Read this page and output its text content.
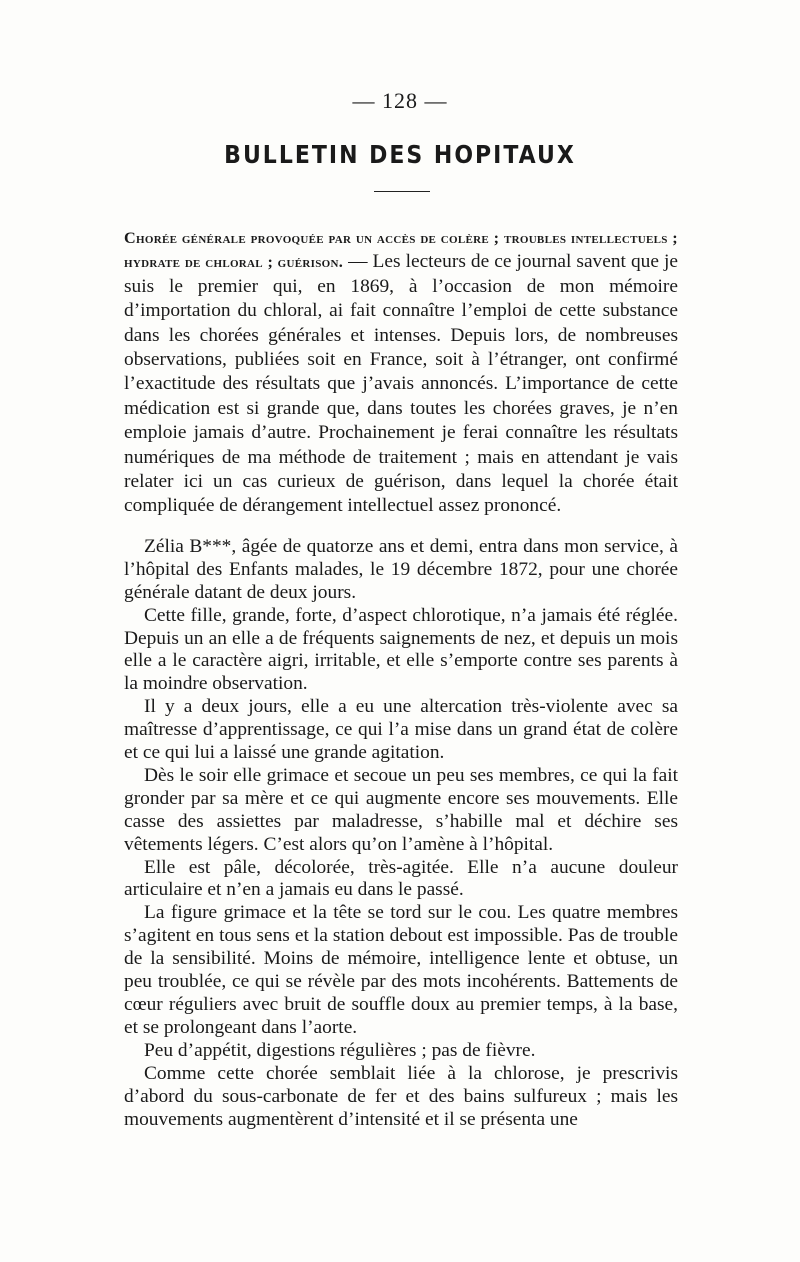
— 128 —
BULLETIN DES HOPITAUX

Chorée générale provoquée par un accès de colère ; troubles intellectuels ; hydrate de chloral ; guérison. — Les lecteurs de ce journal savent que je suis le premier qui, en 1869, à l’occasion de mon mémoire d’importation du chloral, ai fait connaître l’emploi de cette substance dans les chorées générales et intenses. Depuis lors, de nombreuses observations, publiées soit en France, soit à l’étranger, ont confirmé l’exactitude des résultats que j’avais annoncés. L’importance de cette médication est si grande que, dans toutes les chorées graves, je n’en emploie jamais d’autre. Prochainement je ferai connaître les résultats numériques de ma méthode de traitement ; mais en attendant je vais relater ici un cas curieux de guérison, dans lequel la chorée était compliquée de dérangement intellectuel assez prononcé.

Zélia B***, âgée de quatorze ans et demi, entra dans mon service, à l’hôpital des Enfants malades, le 19 décembre 1872, pour une chorée générale datant de deux jours.

Cette fille, grande, forte, d’aspect chlorotique, n’a jamais été réglée. Depuis un an elle a de fréquents saignements de nez, et depuis un mois elle a le caractère aigri, irritable, et elle s’emporte contre ses parents à la moindre observation.

Il y a deux jours, elle a eu une altercation très-violente avec sa maîtresse d’apprentissage, ce qui l’a mise dans un grand état de colère et ce qui lui a laissé une grande agitation.

Dès le soir elle grimace et secoue un peu ses membres, ce qui la fait gronder par sa mère et ce qui augmente encore ses mouvements. Elle casse des assiettes par maladresse, s’habille mal et déchire ses vêtements légers. C’est alors qu’on l’amène à l’hôpital.

Elle est pâle, décolorée, très-agitée. Elle n’a aucune douleur articulaire et n’en a jamais eu dans le passé.

La figure grimace et la tête se tord sur le cou. Les quatre membres s’agitent en tous sens et la station debout est impossible. Pas de trouble de la sensibilité. Moins de mémoire, intelligence lente et obtuse, un peu troublée, ce qui se révèle par des mots incohérents. Battements de cœur réguliers avec bruit de souffle doux au premier temps, à la base, et se prolongeant dans l’aorte.

Peu d’appétit, digestions régulières ; pas de fièvre.

Comme cette chorée semblait liée à la chlorose, je prescrivis d’abord du sous-carbonate de fer et des bains sulfureux ; mais les mouvements augmentèrent d’intensité et il se présenta une
